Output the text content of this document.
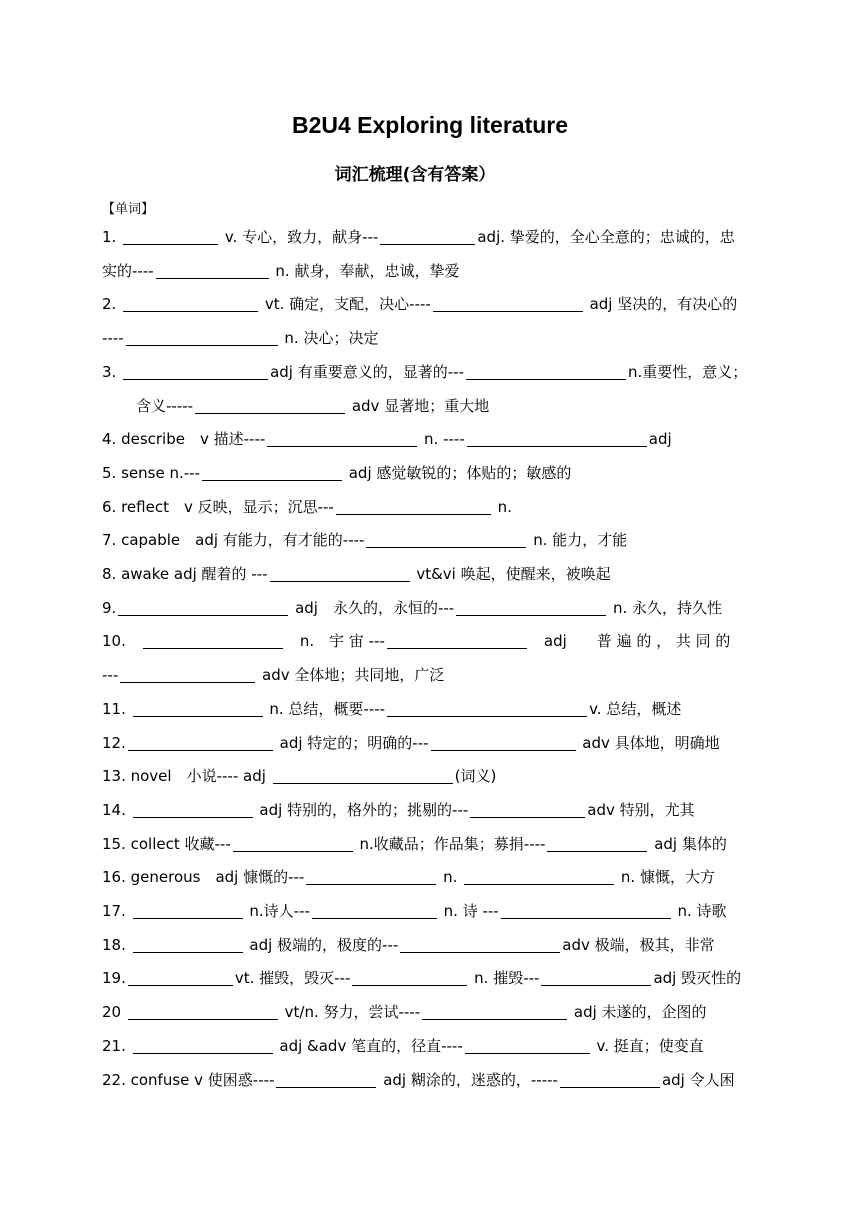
B2U4 Exploring literature
词汇梳理(含有答案）
【单词】
1.	v. 专心，致力，献身---	adj. 挚爱的，全心全意的；忠诚的，忠
实的----	n. 献身，奉献，忠诚，挚爱
2.	vt. 确定，支配，决心----	adj 坚决的，有决心的
----	n. 决心；决定
3.	adj 有重要意义的，显著的---	n.重要性，意义；
含义-----	adv 显著地；重大地
4. describe　v 描述----	n. ----	adj
5. sense n.---	adj 感觉敏锐的；体贴的；敏感的
6. reflect　v 反映，显示；沉思---	n.
7. capable　adj 有能力，有才能的----	n. 能力，才能
8. awake adj 醒着的 ---	vt&vi 唤起，使醒来，被唤起
9.	adj　永久的，永恒的---	n. 永久，持久性
10.　	　n.　宇 宙 ---	　adj　　普 遍 的 ， 共 同 的
---	adv 全体地；共同地，广泛
11.	n. 总结，概要----	v. 总结，概述
12.	adj 特定的；明确的---	adv 具体地，明确地
13. novel　小说---- adj	(词义)
14.	adj 特别的，格外的；挑剔的---	adv 特别，尤其
15. collect 收藏---	n.收藏品；作品集；募捐----	adj 集体的
16. generous　adj 慷慨的---	n.	n. 慷慨，大方
17.	n.诗人---	n. 诗 ---	n. 诗歌
18.	adj 极端的，极度的---	adv 极端，极其，非常
19.	vt. 摧毁，毁灭---	n. 摧毁---	adj 毁灭性的
20	vt/n. 努力，尝试----	adj 未遂的，企图的
21.	adj &adv 笔直的，径直----	v. 挺直；使变直
22. confuse v 使困惑----	adj 糊涂的，迷惑的，-----	adj 令人困
